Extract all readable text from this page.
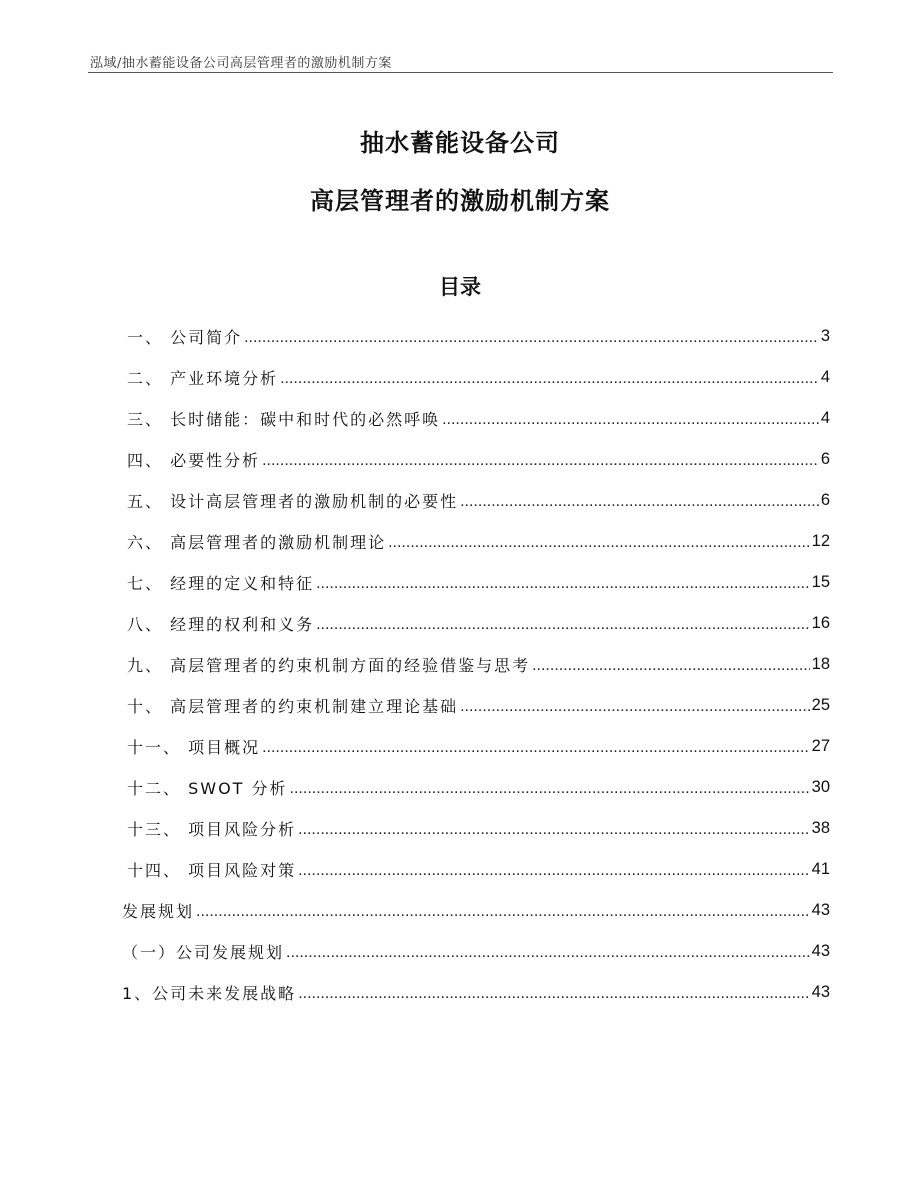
泓域/抽水蓄能设备公司高层管理者的激励机制方案
抽水蓄能设备公司
高层管理者的激励机制方案
目录
一、 公司简介 .....	3
二、 产业环境分析 .....	4
三、 长时储能：碳中和时代的必然呼唤 .....	4
四、 必要性分析 .....	6
五、 设计高层管理者的激励机制的必要性 .....	6
六、 高层管理者的激励机制理论 .....	12
七、 经理的定义和特征 .....	15
八、 经理的权利和义务 .....	16
九、 高层管理者的约束机制方面的经验借鉴与思考 .....	18
十、 高层管理者的约束机制建立理论基础 .....	25
十一、 项目概况 .....	27
十二、 SWOT 分析 .....	30
十三、 项目风险分析 .....	38
十四、 项目风险对策 .....	41
发展规划 .....	43
（一）公司发展规划 .....	43
1、公司未来发展战略 .....	43
